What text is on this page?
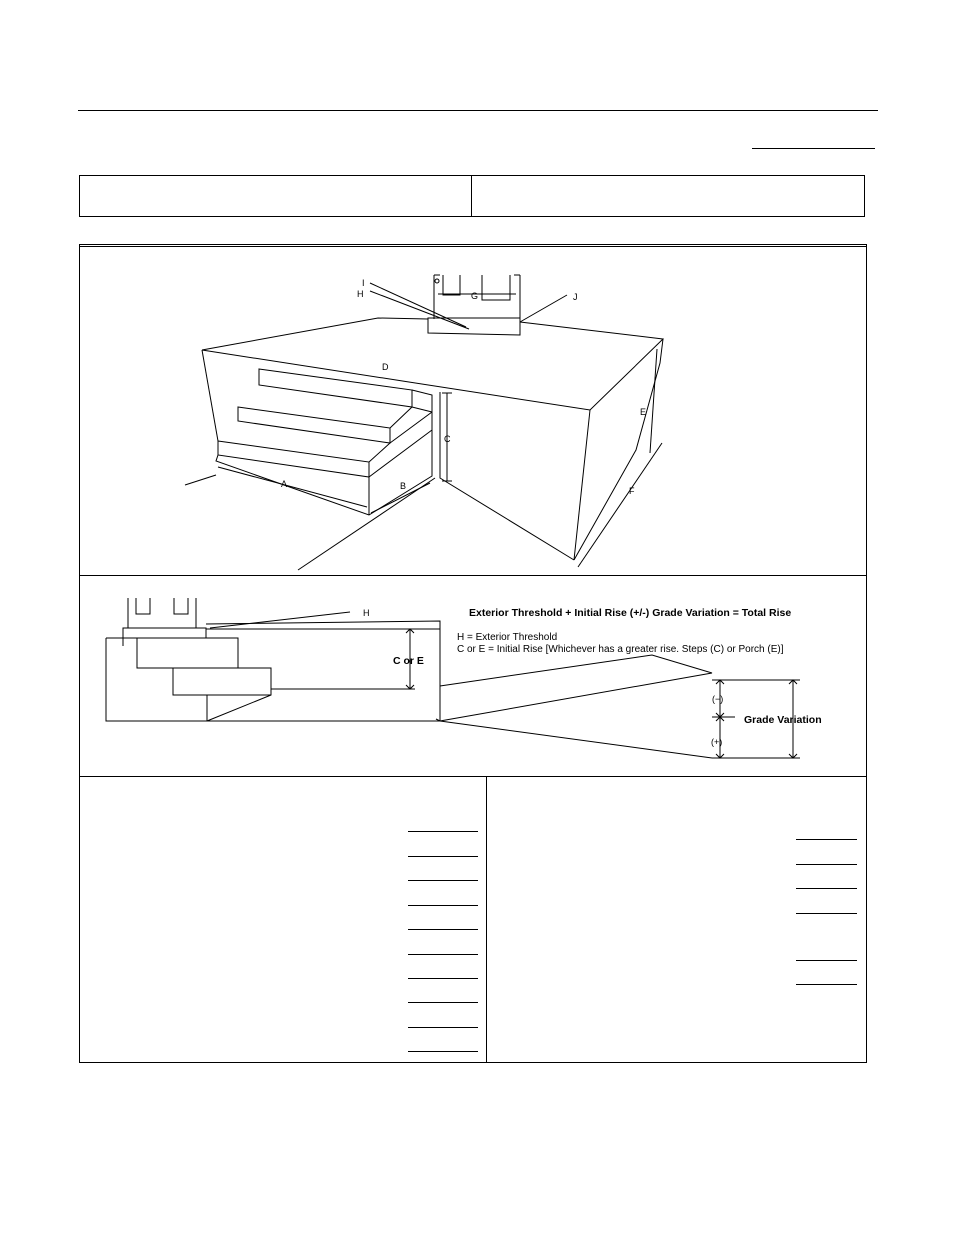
A	B
C
D
E
F
G
H
I
J
H	Exterior Threshold + Initial Rise (+/-) Grade Variation = Total Rise
H = Exterior Threshold
C or E = Initial Rise [Whichever has a greater rise. Steps (C) or Porch (E)]
C or E
(−)
(+)
Grade Variation
